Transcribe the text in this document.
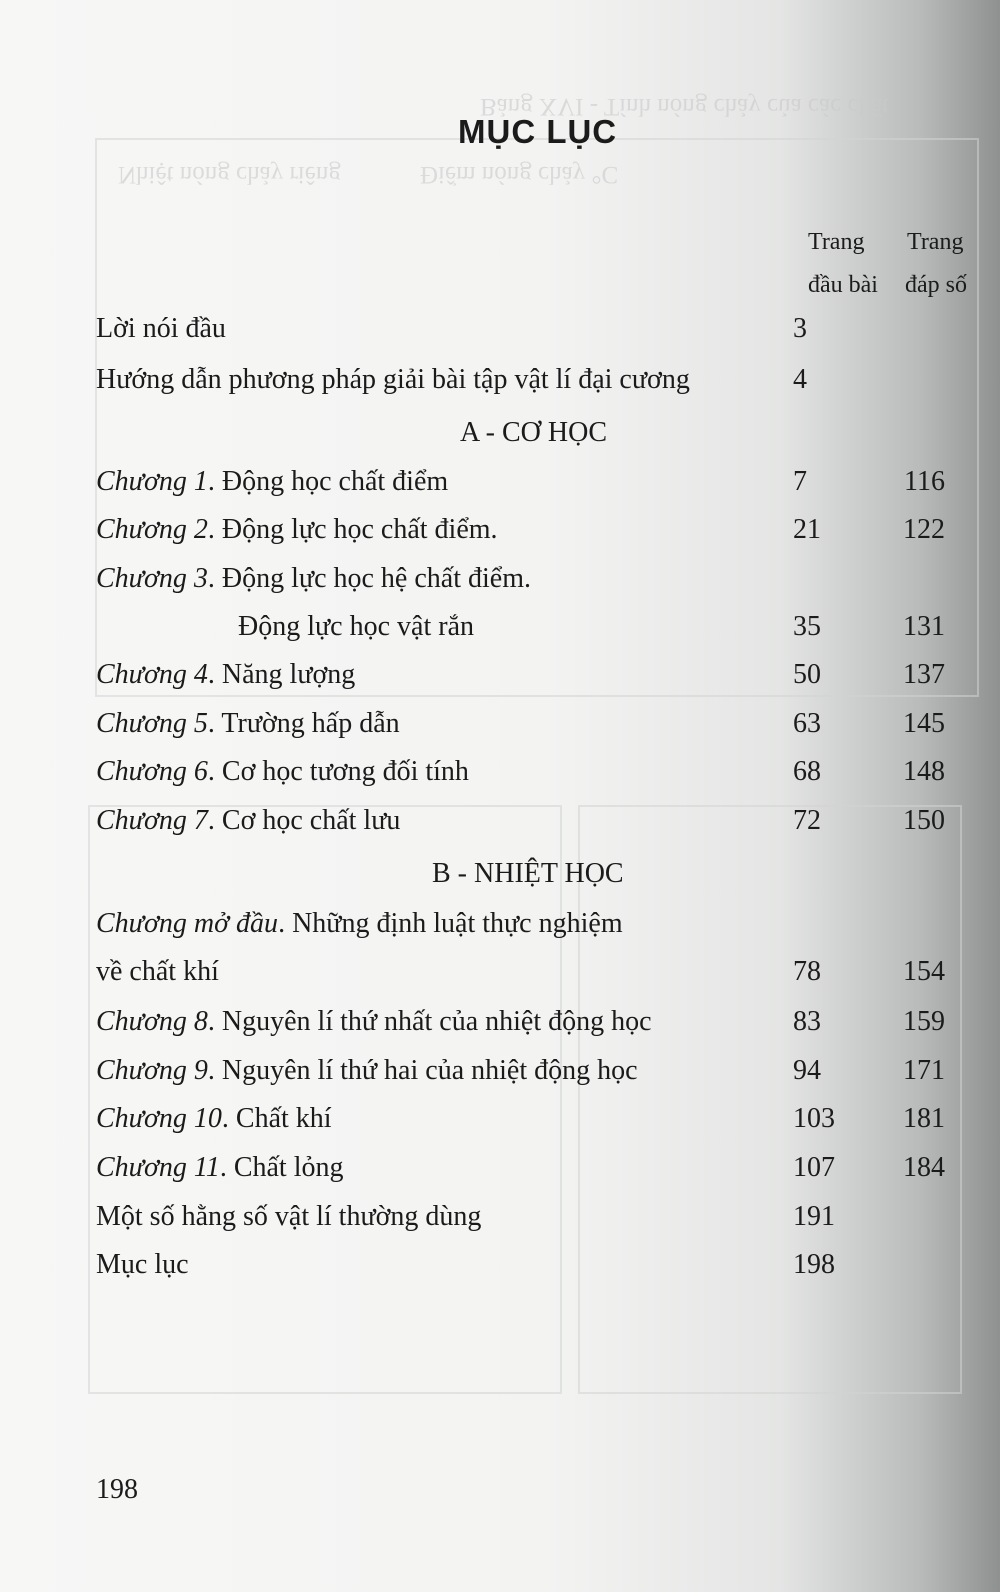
Bảng XVI - Tính nóng chảy của các chất
Nhiệt nóng chảy riêng	Điểm nóng chảy °C
MỤC LỤC
Trang
đầu bài
Trang
đáp số
Lời nói đầu	3
Hướng dẫn phương pháp giải bài tập vật lí đại cương	4
A - CƠ HỌC
Chương 1. Động học chất điểm	7	116
Chương 2. Động lực học chất điểm.	21	122
Chương 3. Động lực học hệ chất điểm.
Động lực học vật rắn	35	131
Chương 4. Năng lượng	50	137
Chương 5. Trường hấp dẫn	63	145
Chương 6. Cơ học tương đối tính	68	148
Chương 7. Cơ học chất lưu	72	150
B - NHIỆT HỌC
Chương mở đầu. Những định luật thực nghiệm
về chất khí	78	154
Chương 8. Nguyên lí thứ nhất của nhiệt động học	83	159
Chương 9. Nguyên lí thứ hai của nhiệt động học	94	171
Chương 10. Chất khí	103	181
Chương 11. Chất lỏng	107	184
Một số hằng số vật lí thường dùng	191
Mục lục	198
198
